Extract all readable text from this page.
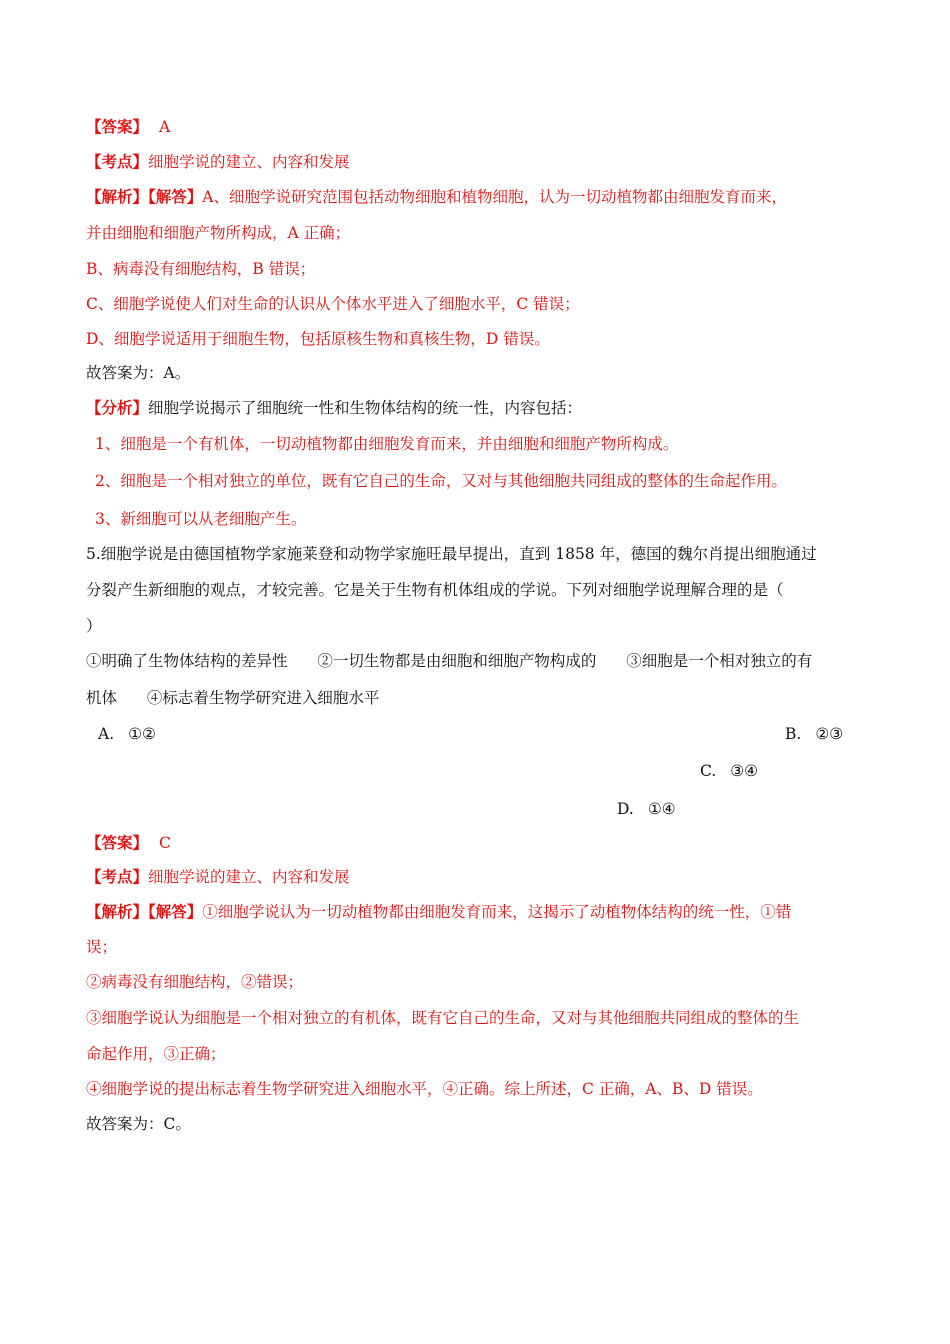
【答案】 A
【考点】细胞学说的建立、内容和发展
【解析】【解答】A、细胞学说研究范围包括动物细胞和植物细胞，认为一切动植物都由细胞发育而来，
并由细胞和细胞产物所构成，A 正确；
B、病毒没有细胞结构，B 错误；
C、细胞学说使人们对生命的认识从个体水平进入了细胞水平，C 错误；
D、细胞学说适用于细胞生物，包括原核生物和真核生物，D 错误。
故答案为：A。
【分析】细胞学说揭示了细胞统一性和生物体结构的统一性，内容包括：
1、细胞是一个有机体，一切动植物都由细胞发育而来，并由细胞和细胞产物所构成。
2、细胞是一个相对独立的单位，既有它自己的生命，又对与其他细胞共同组成的整体的生命起作用。
3、新细胞可以从老细胞产生。
5.细胞学说是由德国植物学家施莱登和动物学家施旺最早提出，直到 1858 年，德国的魏尔肖提出细胞通过
分裂产生新细胞的观点，才较完善。它是关于生物有机体组成的学说。下列对细胞学说理解合理的是（
）
①明确了生物体结构的差异性 ②一切生物都是由细胞和细胞产物构成的 ③细胞是一个相对独立的有
机体 ④标志着生物学研究进入细胞水平
A. ①②	B. ②③
C. ③④
D. ①④
【答案】 C
【考点】细胞学说的建立、内容和发展
【解析】【解答】①细胞学说认为一切动植物都由细胞发育而来，这揭示了动植物体结构的统一性，①错
误；
②病毒没有细胞结构，②错误；
③细胞学说认为细胞是一个相对独立的有机体，既有它自己的生命，又对与其他细胞共同组成的整体的生
命起作用，③正确；
④细胞学说的提出标志着生物学研究进入细胞水平，④正确。综上所述，C 正确，A、B、D 错误。
故答案为：C。
